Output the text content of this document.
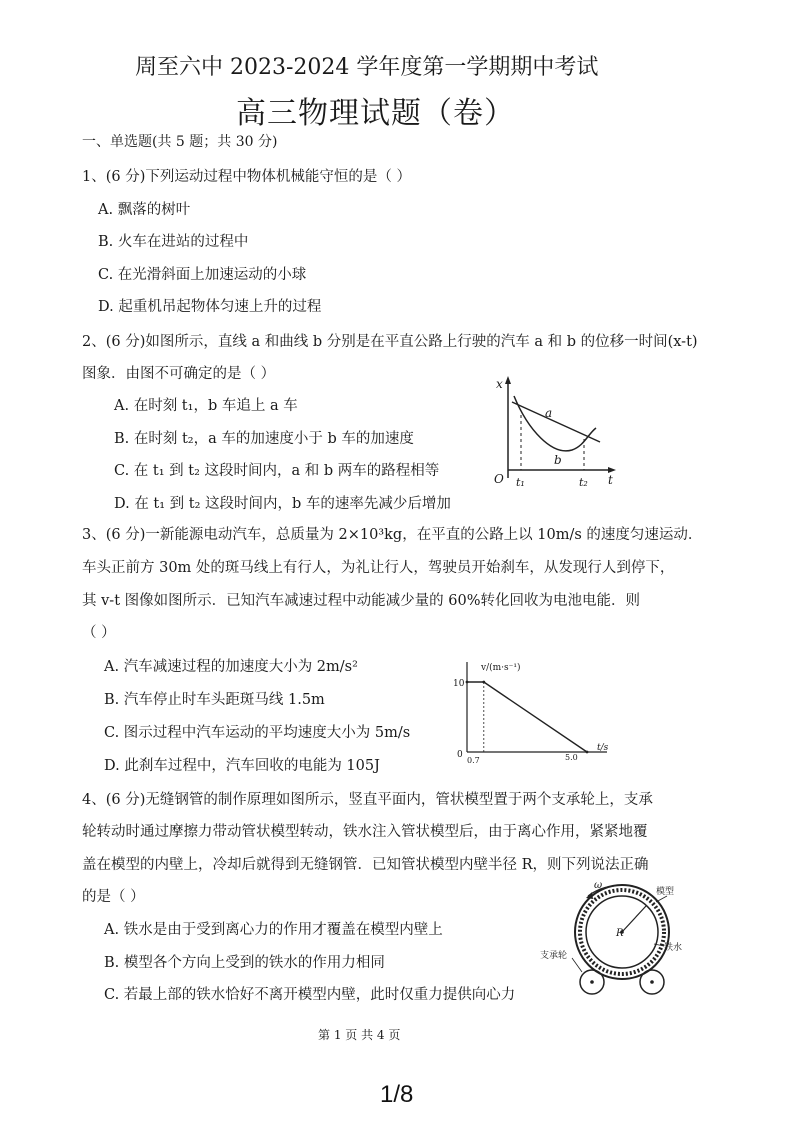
周至六中 2023-2024 学年度第一学期期中考试
高三物理试题（卷）
一、单选题(共 5 题；共 30 分)
1、(6 分)下列运动过程中物体机械能守恒的是（ ）
A. 飘落的树叶
B. 火车在进站的过程中
C. 在光滑斜面上加速运动的小球
D. 起重机吊起物体匀速上升的过程
2、(6 分)如图所示，直线 a 和曲线 b 分别是在平直公路上行驶的汽车 a 和 b 的位移一时间(x-t)
图象．由图不可确定的是（ ）
A. 在时刻 t₁，b 车追上 a 车
B. 在时刻 t₂，a 车的加速度小于 b 车的加速度
C. 在 t₁ 到 t₂ 这段时间内，a 和 b 两车的路程相等
D. 在 t₁ 到 t₂ 这段时间内，b 车的速率先减少后增加
x
O	t
a
b
t₁	t₂
3、(6 分)一新能源电动汽车，总质量为 2×10³kg，在平直的公路上以 10m/s 的速度匀速运动．
车头正前方 30m 处的斑马线上有行人，为礼让行人，驾驶员开始刹车，从发现行人到停下，
其 v-t 图像如图所示．已知汽车减速过程中动能减少量的 60%转化回收为电池电能．则
（ ）
A. 汽车减速过程的加速度大小为 2m/s²
B. 汽车停止时车头距斑马线 1.5m
C. 图示过程中汽车运动的平均速度大小为 5m/s
D. 此刹车过程中，汽车回收的电能为 105J
v/(m·s⁻¹)
t/s
10
0
0.7	5.0
4、(6 分)无缝钢管的制作原理如图所示，竖直平面内，管状模型置于两个支承轮上，支承
轮转动时通过摩擦力带动管状模型转动，铁水注入管状模型后，由于离心作用，紧紧地覆
盖在模型的内壁上，冷却后就得到无缝钢管．已知管状模型内壁半径 R，则下列说法正确
的是（ ）
A. 铁水是由于受到离心力的作用才覆盖在模型内壁上
B. 模型各个方向上受到的铁水的作用力相同
C. 若最上部的铁水恰好不离开模型内壁，此时仅重力提供向心力
ω
R
模型
铁水
支承轮
第 1 页 共 4 页
1/8
